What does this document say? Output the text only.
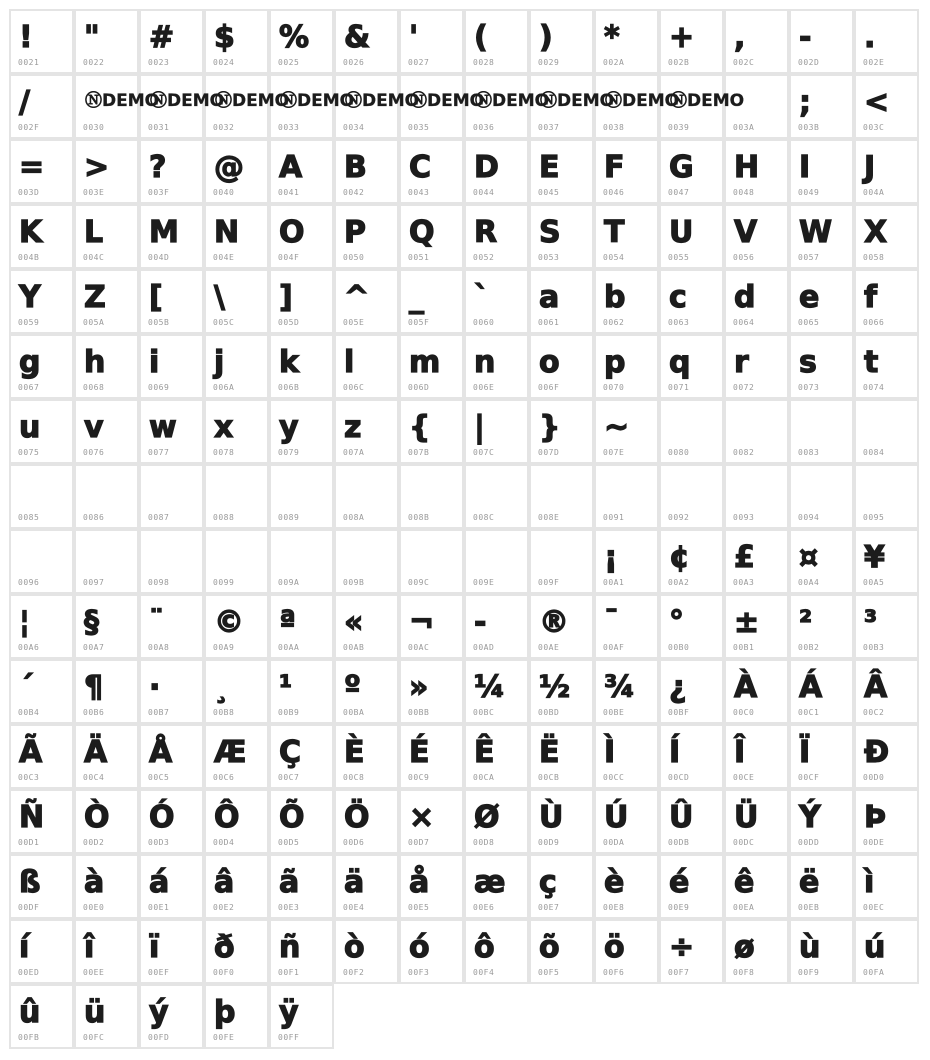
!
0021
"
0022
#
0023
$
0024
%
0025
&
0026
'
0027
(
0028
)
0029
*
002A
+
002B
,
002C
-
002D
.
002E
/
002F
ⓃDEMO
0030
ⓃDEMO
0031
ⓃDEMO
0032
ⓃDEMO
0033
ⓃDEMO
0034
ⓃDEMO
0035
ⓃDEMO
0036
ⓃDEMO
0037
ⓃDEMO
0038
ⓃDEMO
0039	003A
;
003B
<
003C
=
003D
>
003E
?
003F
@
0040
A
0041
B
0042
C
0043
D
0044
E
0045
F
0046
G
0047
H
0048
I
0049
J
004A
K
004B
L
004C
M
004D
N
004E
O
004F
P
0050
Q
0051
R
0052
S
0053
T
0054
U
0055
V
0056
W
0057
X
0058
Y
0059
Z
005A
[
005B
\
005C
]
005D
^
005E
_
005F
`
0060
a
0061
b
0062
c
0063
d
0064
e
0065
f
0066
g
0067
h
0068
i
0069
j
006A
k
006B
l
006C
m
006D
n
006E
o
006F
p
0070
q
0071
r
0072
s
0073
t
0074
u
0075
v
0076
w
0077
x
0078
y
0079
z
007A
{
007B
|
007C
}
007D
~
007E	0080	0082	0083	0084
0085	0086	0087	0088	0089	008A	008B	008C	008E	0091	0092	0093	0094	0095
0096	0097	0098	0099	009A	009B	009C	009E	009F
¡
00A1
¢
00A2
£
00A3
¤
00A4
¥
00A5
¦
00A6
§
00A7
¨
00A8
©
00A9
ª
00AA
«
00AB
¬
00AC
-
00AD
®
00AE
¯
00AF
°
00B0
±
00B1
²
00B2
³
00B3
´
00B4
¶
00B6
·
00B7
¸
00B8
¹
00B9
º
00BA
»
00BB
¼
00BC
½
00BD
¾
00BE
¿
00BF
À
00C0
Á
00C1
Â
00C2
Ã
00C3
Ä
00C4
Å
00C5
Æ
00C6
Ç
00C7
È
00C8
É
00C9
Ê
00CA
Ë
00CB
Ì
00CC
Í
00CD
Î
00CE
Ï
00CF
Đ
00D0
Ñ
00D1
Ò
00D2
Ó
00D3
Ô
00D4
Õ
00D5
Ö
00D6
×
00D7
Ø
00D8
Ù
00D9
Ú
00DA
Û
00DB
Ü
00DC
Ý
00DD
Þ
00DE
ß
00DF
à
00E0
á
00E1
â
00E2
ã
00E3
ä
00E4
å
00E5
æ
00E6
ç
00E7
è
00E8
é
00E9
ê
00EA
ë
00EB
ì
00EC
í
00ED
î
00EE
ï
00EF
ð
00F0
ñ
00F1
ò
00F2
ó
00F3
ô
00F4
õ
00F5
ö
00F6
÷
00F7
ø
00F8
ù
00F9
ú
00FA
û
00FB
ü
00FC
ý
00FD
þ
00FE
ÿ
00FF
